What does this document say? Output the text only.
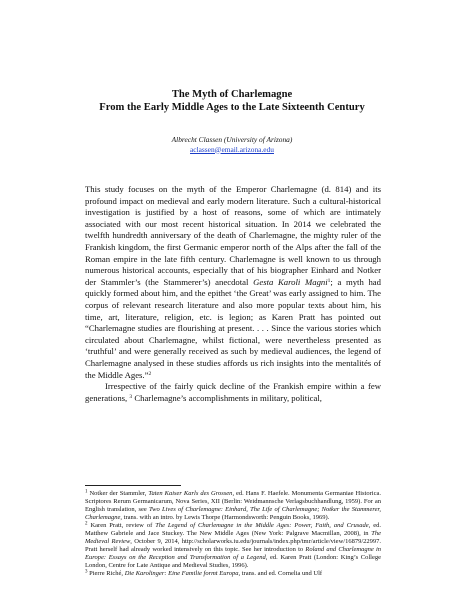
The Myth of Charlemagne
From the Early Middle Ages to the Late Sixteenth Century
Albrecht Classen (University of Arizona)
aclassen@email.arizona.edu

This study focuses on the myth of the Emperor Charlemagne (d. 814) and its profound impact on medieval and early modern literature. Such a cultural-historical investigation is justified by a host of reasons, some of which are intimately associated with our most recent historical situation. In 2014 we celebrated the twelfth hundredth anniversary of the death of Charlemagne, the mighty ruler of the Frankish kingdom, the first Germanic emperor north of the Alps after the fall of the Roman empire in the late fifth century. Charlemagne is well known to us through numerous historical accounts, especially that of his biographer Einhard and Notker der Stammler’s (the Stammerer’s) anecdotal Gesta Karoli Magni$^1$; a myth had quickly formed about him, and the epithet ‘the Great’ was early assigned to him. The corpus of relevant research literature and also more popular texts about him, his time, art, literature, religion, etc. is legion; as Karen Pratt has pointed out “Charlemagne studies are flourishing at present. . . . Since the various stories which circulated about Charlemagne, whilst fictional, were nevertheless presented as ‘truthful’ and were generally received as such by medieval audiences, the legend of Charlemagne analysed in these studies affords us rich insights into the mentalités of the Middle Ages.”$^2$

Irrespective of the fairly quick decline of the Frankish empire within a few generations, $^3$ Charlemagne’s accomplishments in military, political,

$^1$ Notker der Stammler, Taten Kaiser Karls des Grossen, ed. Hans F. Haefele. Monumenta Germaniae Historica. Scriptores Rerum Germanicarum, Nova Series, XII (Berlin: Weidmannsche Verlagsbuchhandlung, 1959). For an English translation, see Two Lives of Charlemagne: Einhard, The Life of Charlemagne; Notker the Stammerer, Charlemagne, trans. with an intro. by Lewis Thorpe (Harmondsworth: Penguin Books, 1969).

$^2$ Karen Pratt, review of The Legend of Charlemagne in the Middle Ages: Power, Faith, and Crusade, ed. Matthew Gabriele and Jace Stuckey. The New Middle Ages (New York: Palgrave Macmillan, 2008), in The Medieval Review, October 9, 2014, http://scholarworks.iu.edu/journals/index.php/tmr/article/view/16879/22997. Pratt herself had already worked intensively on this topic. See her introduction to Roland and Charlemagne in Europe: Essays on the Reception and Transformation of a Legend, ed. Karen Pratt (London: King’s College London, Centre for Late Antique and Medieval Studies, 1996).

$^3$ Pierre Riché, Die Karolinger: Eine Familie formt Europa, trans. and ed. Cornelia und Ulf
